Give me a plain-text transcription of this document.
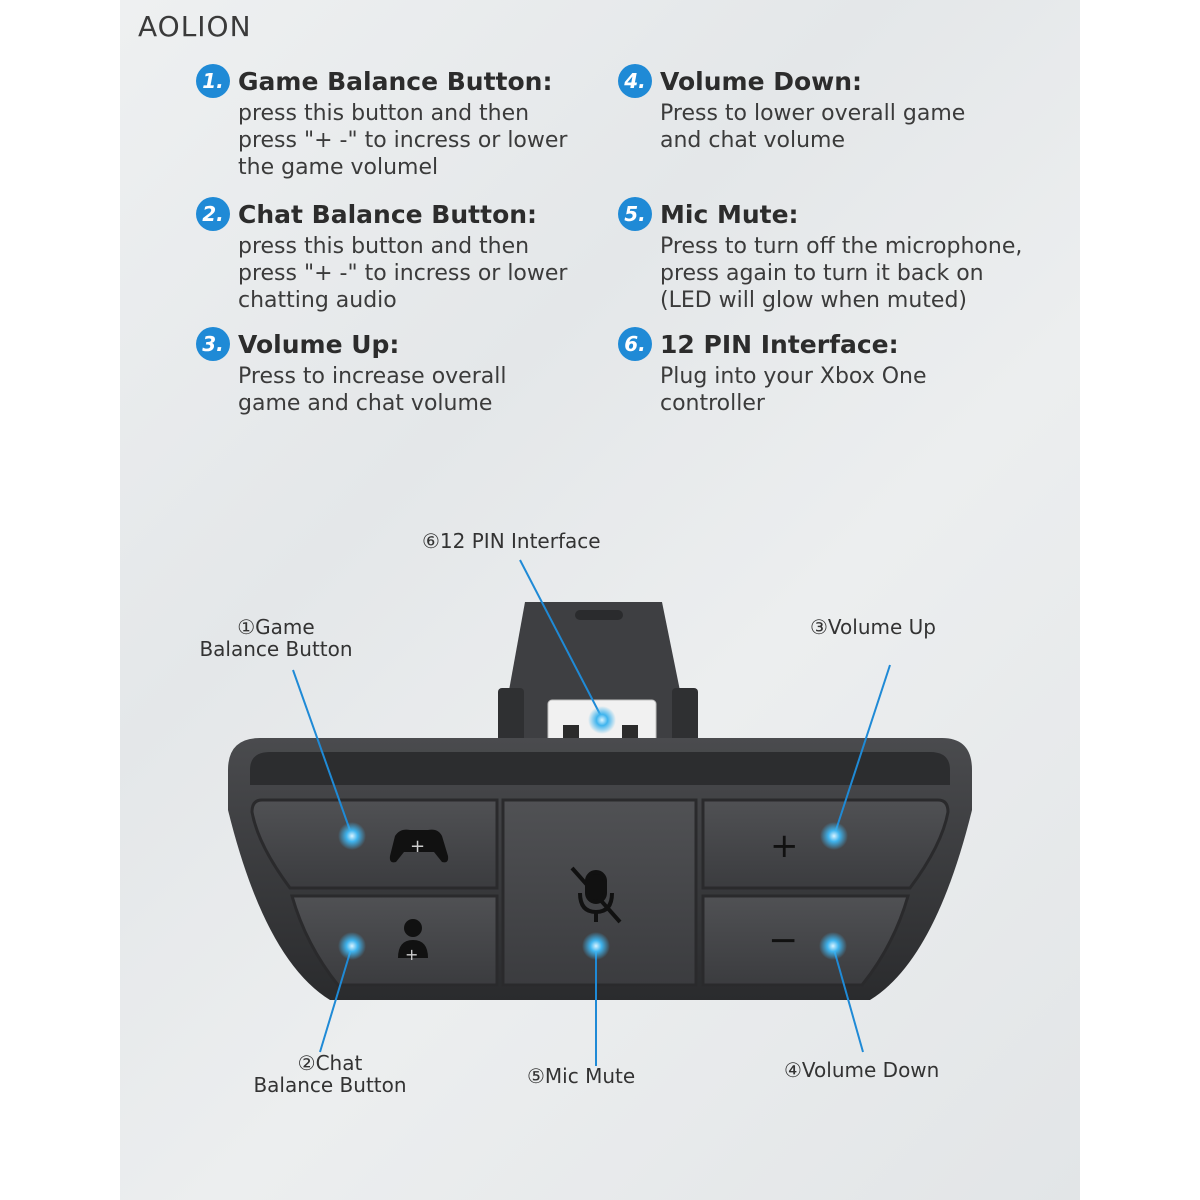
AOLION
1. Game Balance Button:
press this button and then
press "+ -" to incress or lower
the game volumel
2. Chat Balance Button:
press this button and then
press "+ -" to incress or lower
chatting audio
3. Volume Up:
Press to increase overall
game and chat volume
4. Volume Down:
Press to lower overall game
and chat volume
5. Mic Mute:
Press to turn off the microphone,
press again to turn it back on
(LED will glow when muted)
6. 12 PIN Interface:
Plug into your Xbox One
controller
+
+
+
−
⑥12 PIN Interface
①Game
Balance Button
③Volume Up
②Chat
Balance Button	⑤Mic Mute	④Volume Down
